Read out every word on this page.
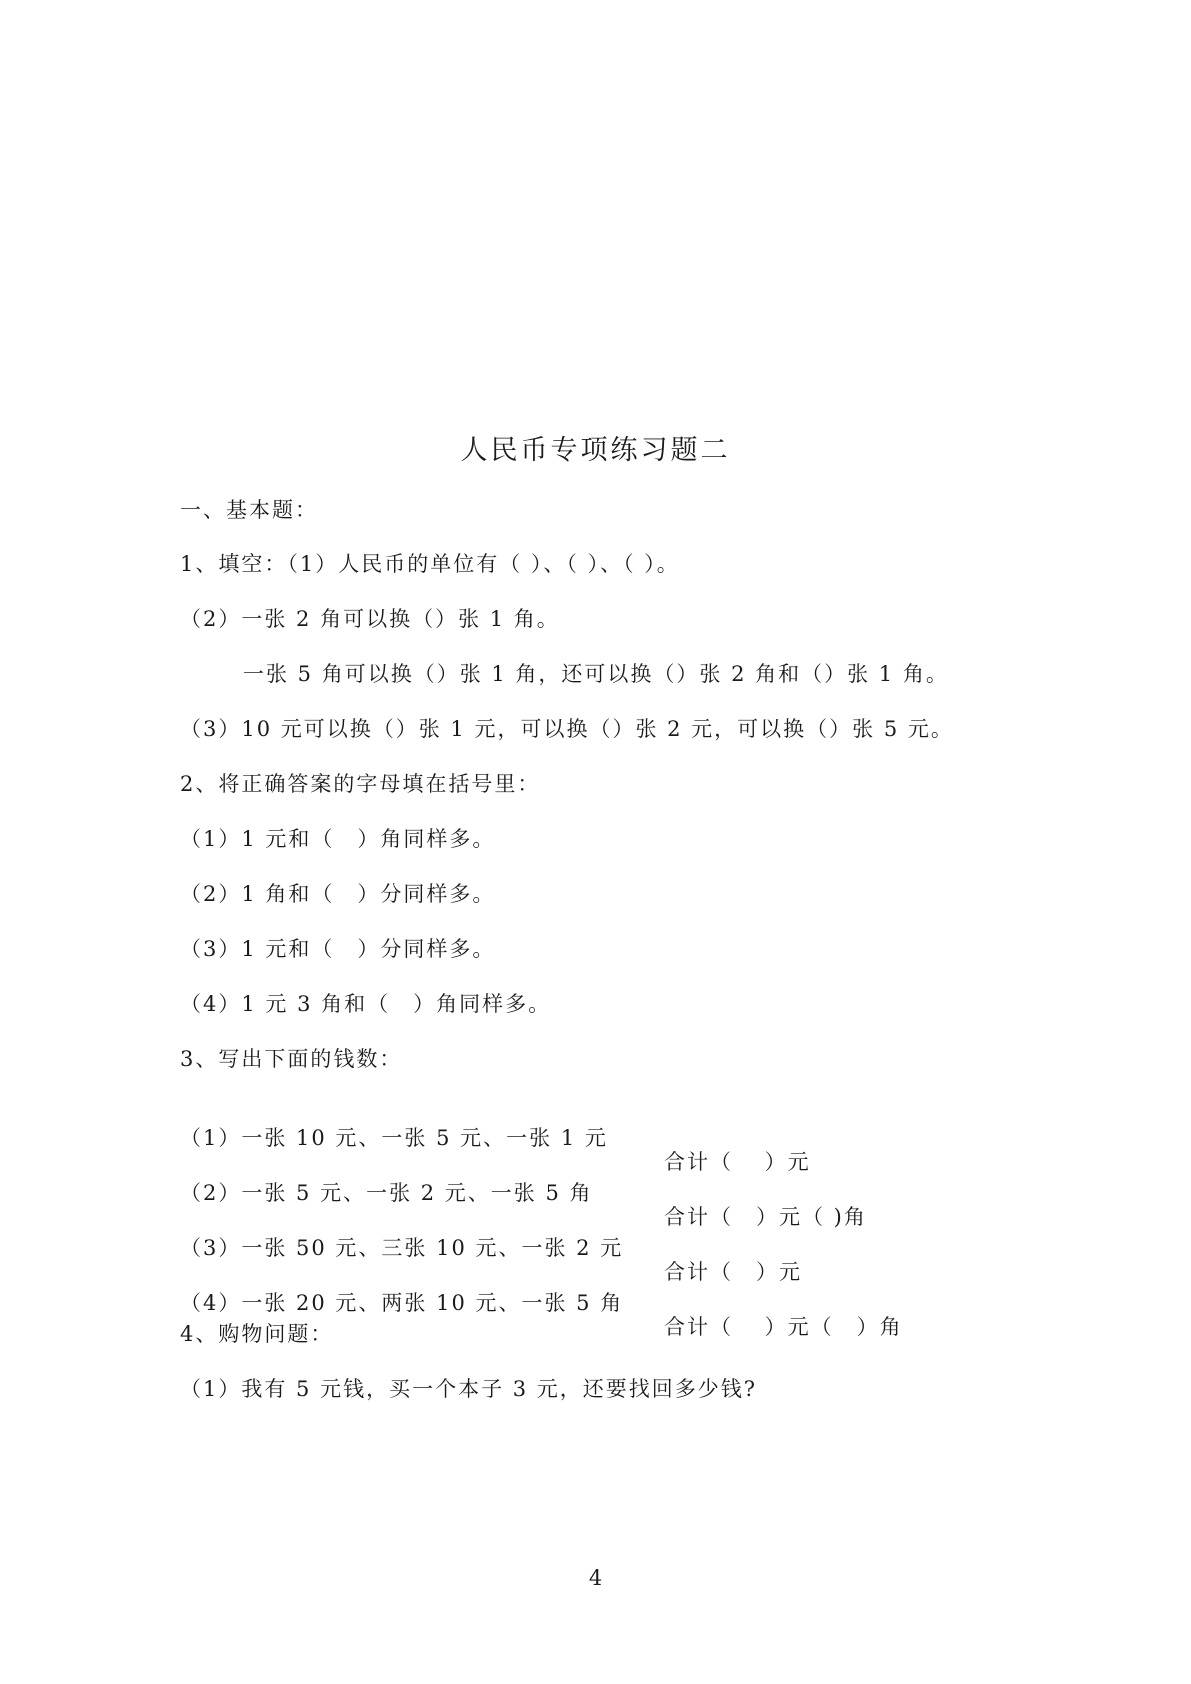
人民币专项练习题二
一、基本题：
1、填空：（1）人民币的单位有（ ）、（ ）、（ ）。
（2）一张 2 角可以换（）张 1 角。
一张 5 角可以换（）张 1 角，还可以换（）张 2 角和（）张 1 角。
（3）10 元可以换（）张 1 元，可以换（）张 2 元，可以换（）张 5 元。
2、将正确答案的字母填在括号里：
（1）1 元和（　）角同样多。
（2）1 角和（　）分同样多。
（3）1 元和（　）分同样多。
（4）1 元 3 角和（　）角同样多。
3、写出下面的钱数：

（1）一张 10 元、一张 5 元、一张 1 元

合计（　 ）元

（2）一张 5 元、一张 2 元、一张 5 角

合计（　）元（ )角

（3）一张 50 元、三张 10 元、一张 2 元

合计（　）元

（4）一张 20 元、两张 10 元、一张 5 角

合计（　 ）元（　）角

4、购物问题：
（1）我有 5 元钱，买一个本子 3 元，还要找回多少钱?
4
